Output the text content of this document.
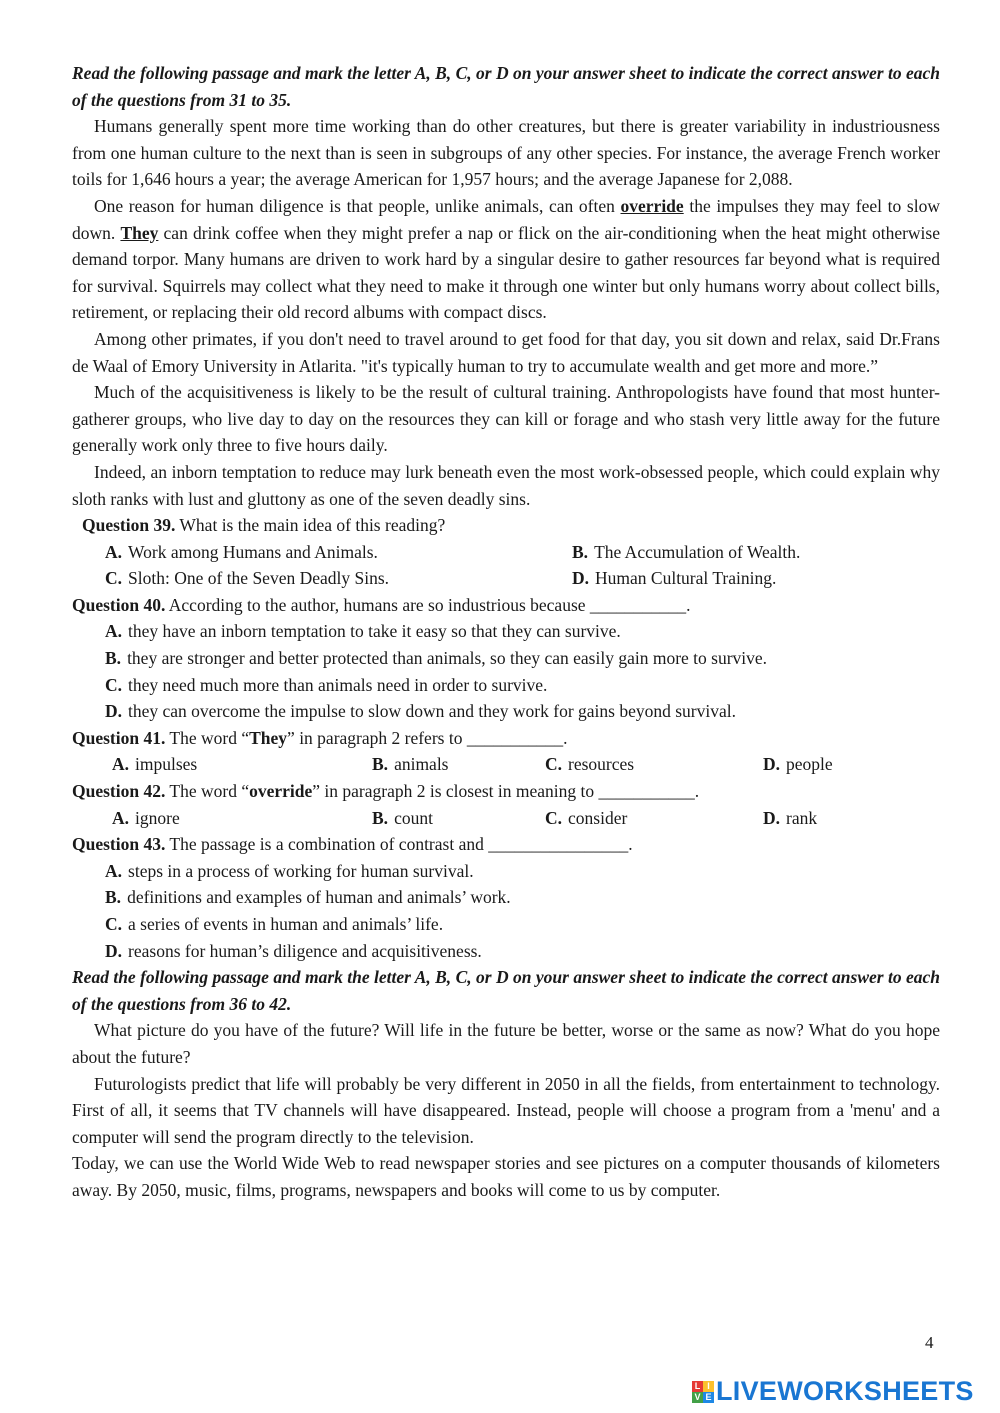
Read the following passage and mark the letter A, B, C, or D on your answer sheet to indicate the correct answer to each of the questions from 31 to 35.

Humans generally spent more time working than do other creatures, but there is greater variability in industriousness from one human culture to the next than is seen in subgroups of any other species. For instance, the average French worker toils for 1,646 hours a year; the average American for 1,957 hours; and the average Japanese for 2,088.

One reason for human diligence is that people, unlike animals, can often override the impulses they may feel to slow down. They can drink coffee when they might prefer a nap or flick on the air-conditioning when the heat might otherwise demand torpor. Many humans are driven to work hard by a singular desire to gather resources far beyond what is required for survival. Squirrels may collect what they need to make it through one winter but only humans worry about collect bills, retirement, or replacing their old record albums with compact discs.

Among other primates, if you don't need to travel around to get food for that day, you sit down and relax, said Dr.Frans de Waal of Emory University in Atlarita. "it's typically human to try to accumulate wealth and get more and more.”

Much of the acquisitiveness is likely to be the result of cultural training. Anthropologists have found that most hunter-gatherer groups, who live day to day on the resources they can kill or forage and who stash very little away for the future generally work only three to five hours daily.

Indeed, an inborn temptation to reduce may lurk beneath even the most work-obsessed people, which could explain why sloth ranks with lust and gluttony as one of the seven deadly sins.

Question 39. What is the main idea of this reading?

A. Work among Humans and Animals.	B. The Accumulation of Wealth.
C. Sloth: One of the Seven Deadly Sins.	D. Human Cultural Training.

Question 40. According to the author, humans are so industrious because ___________.

A. they have an inborn temptation to take it easy so that they can survive.
B. they are stronger and better protected than animals, so they can easily gain more to survive.
C. they need much more than animals need in order to survive.
D. they can overcome the impulse to slow down and they work for gains beyond survival.

Question 41. The word “They” in paragraph 2 refers to ___________.

A. impulses	B. animals	C. resources	D. people

Question 42. The word “override” in paragraph 2 is closest in meaning to ___________.

A. ignore	B. count	C. consider	D. rank

Question 43. The passage is a combination of contrast and ________________.

A. steps in a process of working for human survival.
B. definitions and examples of human and animals’ work.
C. a series of events in human and animals’ life.
D. reasons for human’s diligence and acquisitiveness.

Read the following passage and mark the letter A, B, C, or D on your answer sheet to indicate the correct answer to each of the questions from 36 to 42.

What picture do you have of the future? Will life in the future be better, worse or the same as now? What do you hope about the future?

Futurologists predict that life will probably be very different in 2050 in all the fields, from entertainment to technology. First of all, it seems that TV channels will have disappeared. Instead, people will choose a program from a 'menu' and a computer will send the program directly to the television.

Today, we can use the World Wide Web to read newspaper stories and see pictures on a computer thousands of kilometers away. By 2050, music, films, programs, newspapers and books will come to us by computer.

4
L I
V E LIVEWORKSHEETS
